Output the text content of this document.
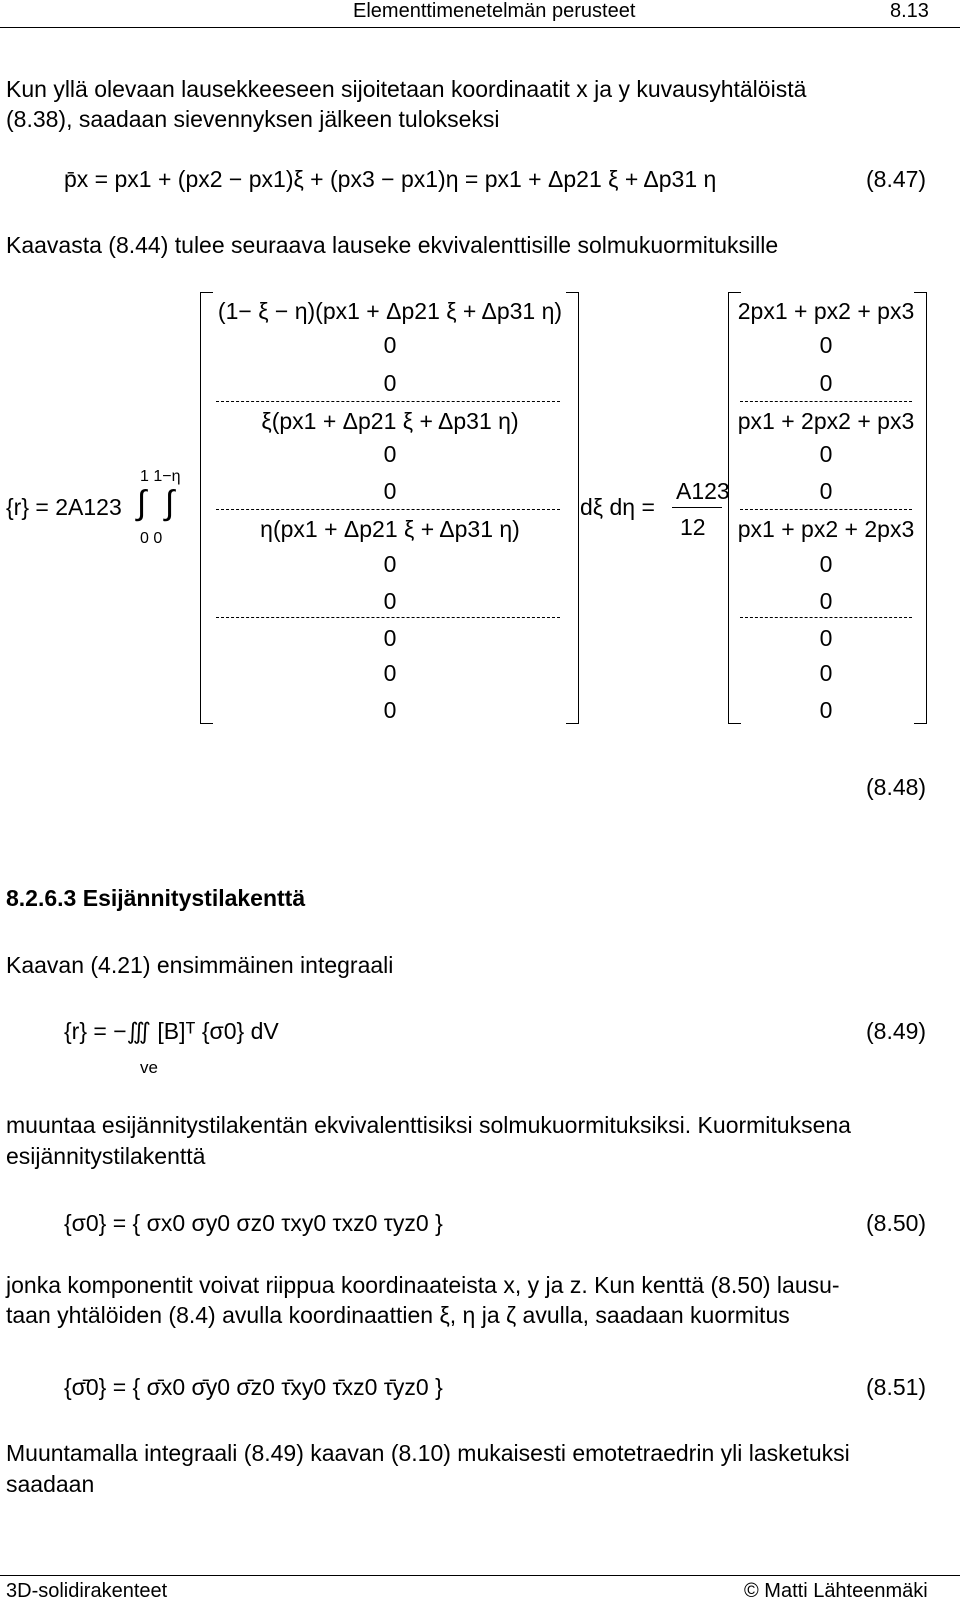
Elementtimenetelmän perusteet	8.13
Kun yllä olevaan lausekkeeseen sijoitetaan koordinaatit x ja y kuvausyhtälöistä
(8.38), saadaan sievennyksen jälkeen tulokseksi
p̄x = px1 + (px2 − px1)ξ + (px3 − px1)η = px1 + Δp21 ξ + Δp31 η	(8.47)
Kaavasta (8.44) tulee seuraava lauseke ekvivalenttisille solmukuormituksille
{r} = 2A123
1 1−η
∫ ∫
0 0
(1− ξ − η)(px1 + Δp21 ξ + Δp31 η)
0
0
ξ(px1 + Δp21 ξ + Δp31 η)
0
0
η(px1 + Δp21 ξ + Δp31 η)
0
0
0
0
0
dξ dη =
A123
12
2px1 + px2 + px3
0
0
px1 + 2px2 + px3
0
0
px1 + px2 + 2px3
0
0
0
0
0
(8.48)
8.2.6.3 Esijännitystilakenttä
Kaavan (4.21) ensimmäinen integraali
{r} = −∭ [B]ᵀ {σ0} dV
ve
(8.49)
muuntaa esijännitystilakentän ekvivalenttisiksi solmukuormituksiksi. Kuormituksena
esijännitystilakenttä
{σ0} = { σx0 σy0 σz0 τxy0 τxz0 τyz0 }	(8.50)
jonka komponentit voivat riippua koordinaateista x, y ja z. Kun kenttä (8.50) lausu-
taan yhtälöiden (8.4) avulla koordinaattien ξ, η ja ζ avulla, saadaan kuormitus
{σ̄0} = { σ̄x0 σ̄y0 σ̄z0 τ̄xy0 τ̄xz0 τ̄yz0 }	(8.51)
Muuntamalla integraali (8.49) kaavan (8.10) mukaisesti emotetraedrin yli lasketuksi
saadaan
3D-solidirakenteet	© Matti Lähteenmäki
